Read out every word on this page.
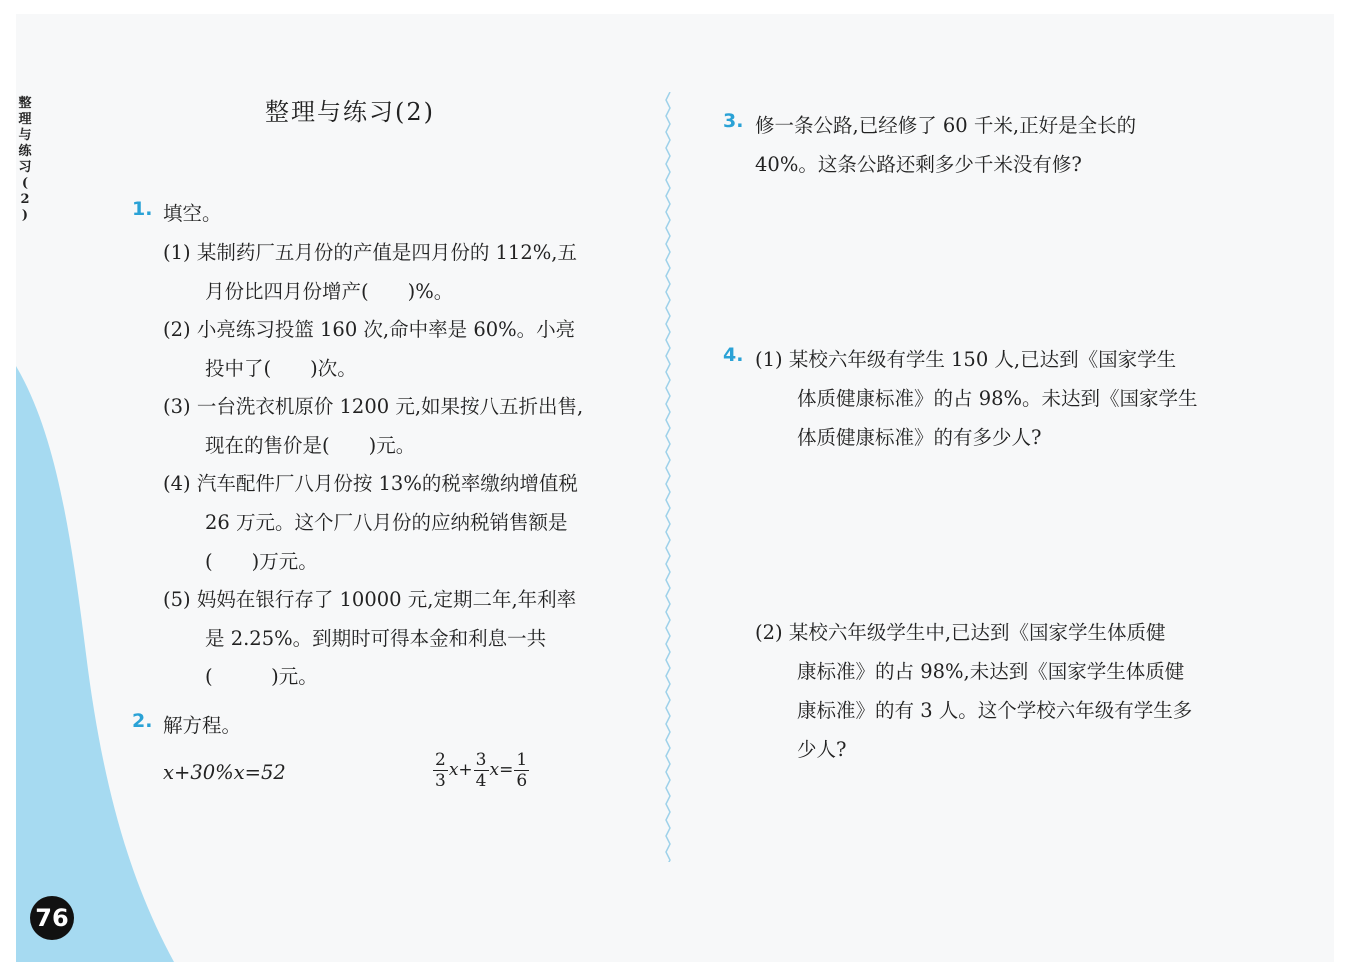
整
理
与
练
习
(
2
)
76
整理与练习(2)
1. 填空。
(1) 某制药厂五月份的产值是四月份的 112%,五
月份比四月份增产(　　)%。
(2) 小亮练习投篮 160 次,命中率是 60%。小亮
投中了(　　)次。
(3) 一台洗衣机原价 1200 元,如果按八五折出售,
现在的售价是(　　)元。
(4) 汽车配件厂八月份按 13%的税率缴纳增值税
26 万元。这个厂八月份的应纳税销售额是
(　　)万元。
(5) 妈妈在银行存了 10000 元,定期二年,年利率
是 2.25%。到期时可得本金和利息一共
(　　　)元。
2. 解方程。
x+30%x=52	$\frac{2}{3} x+ \frac{3}{4} x= \frac{1}{6}$
3. 修一条公路,已经修了 60 千米,正好是全长的
40%。这条公路还剩多少千米没有修?
4. (1) 某校六年级有学生 150 人,已达到《国家学生
体质健康标准》的占 98%。未达到《国家学生
体质健康标准》的有多少人?
(2) 某校六年级学生中,已达到《国家学生体质健
康标准》的占 98%,未达到《国家学生体质健
康标准》的有 3 人。这个学校六年级有学生多
少人?
